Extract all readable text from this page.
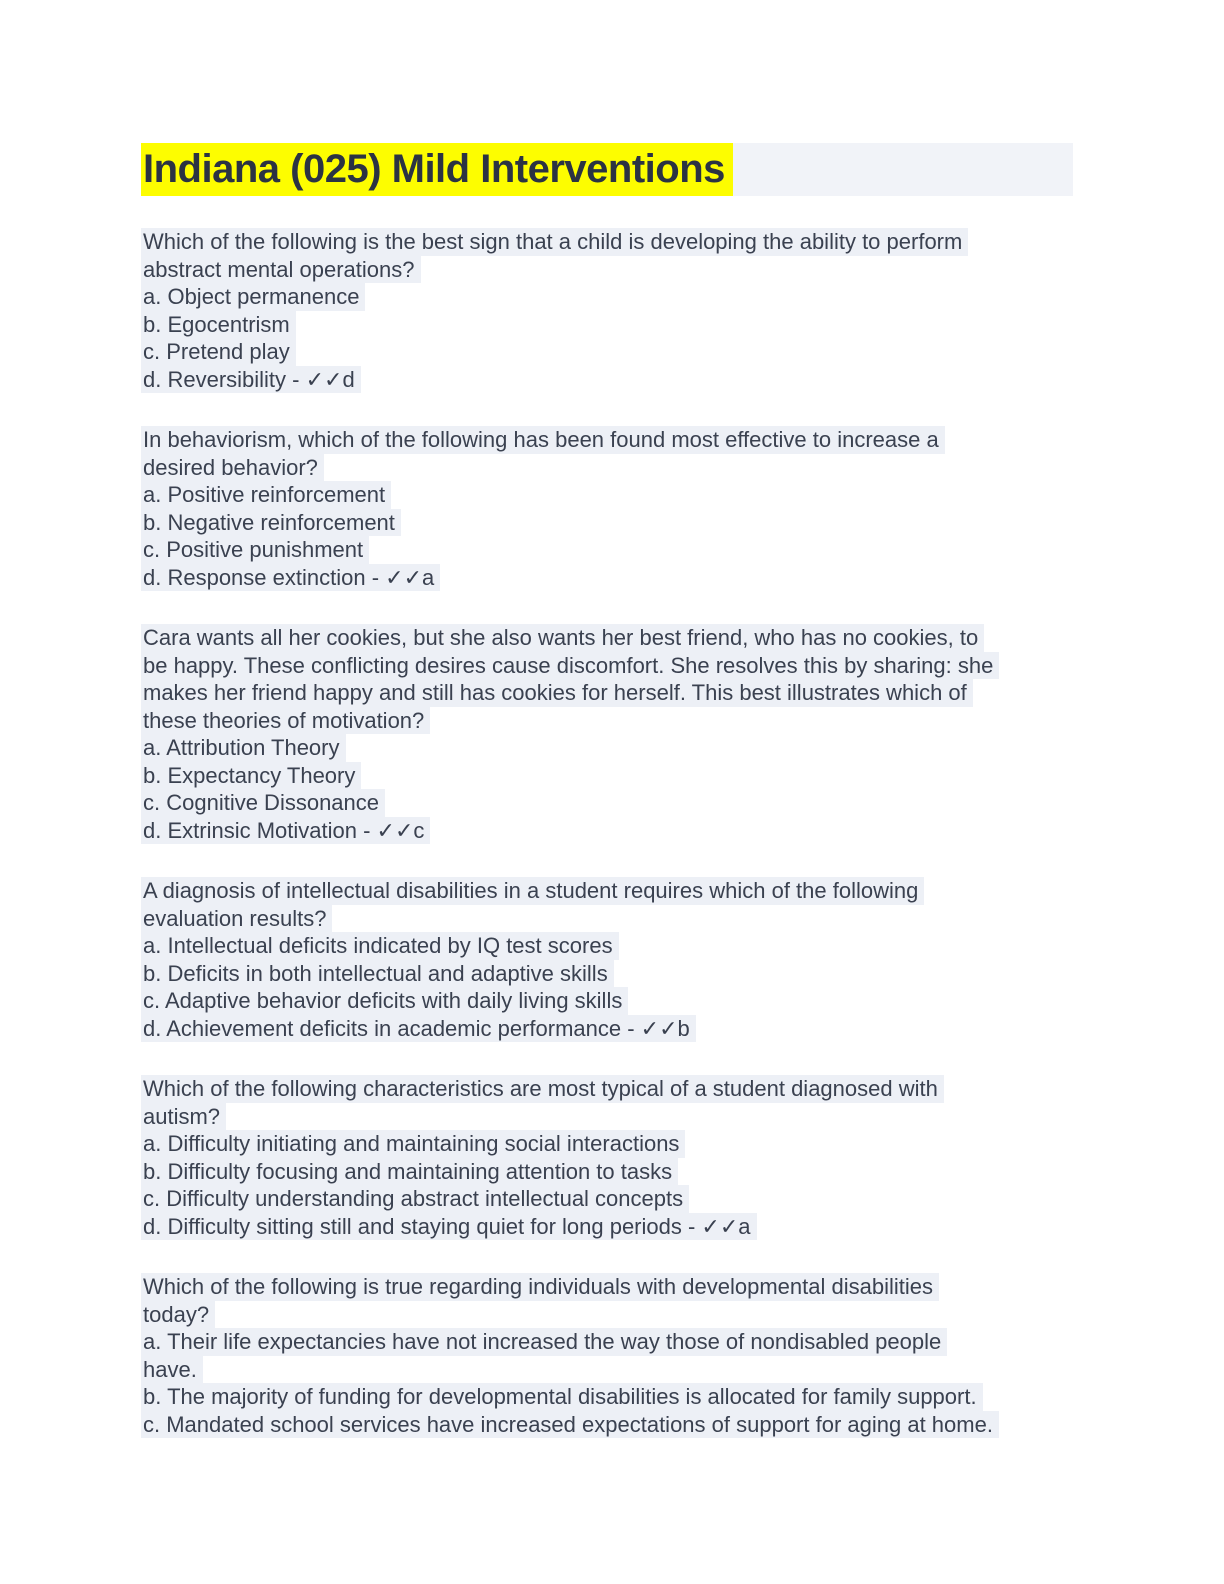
Indiana (025) Mild Interventions
Which of the following is the best sign that a child is developing the ability to perform
abstract mental operations?
a. Object permanence
b. Egocentrism
c. Pretend play
d. Reversibility - ✓✓d
In behaviorism, which of the following has been found most effective to increase a
desired behavior?
a. Positive reinforcement
b. Negative reinforcement
c. Positive punishment
d. Response extinction - ✓✓a
Cara wants all her cookies, but she also wants her best friend, who has no cookies, to
be happy. These conflicting desires cause discomfort. She resolves this by sharing: she
makes her friend happy and still has cookies for herself. This best illustrates which of
these theories of motivation?
a. Attribution Theory
b. Expectancy Theory
c. Cognitive Dissonance
d. Extrinsic Motivation - ✓✓c
A diagnosis of intellectual disabilities in a student requires which of the following
evaluation results?
a. Intellectual deficits indicated by IQ test scores
b. Deficits in both intellectual and adaptive skills
c. Adaptive behavior deficits with daily living skills
d. Achievement deficits in academic performance - ✓✓b
Which of the following characteristics are most typical of a student diagnosed with
autism?
a. Difficulty initiating and maintaining social interactions
b. Difficulty focusing and maintaining attention to tasks
c. Difficulty understanding abstract intellectual concepts
d. Difficulty sitting still and staying quiet for long periods - ✓✓a
Which of the following is true regarding individuals with developmental disabilities
today?
a. Their life expectancies have not increased the way those of nondisabled people
have.
b. The majority of funding for developmental disabilities is allocated for family support.
c. Mandated school services have increased expectations of support for aging at home.
